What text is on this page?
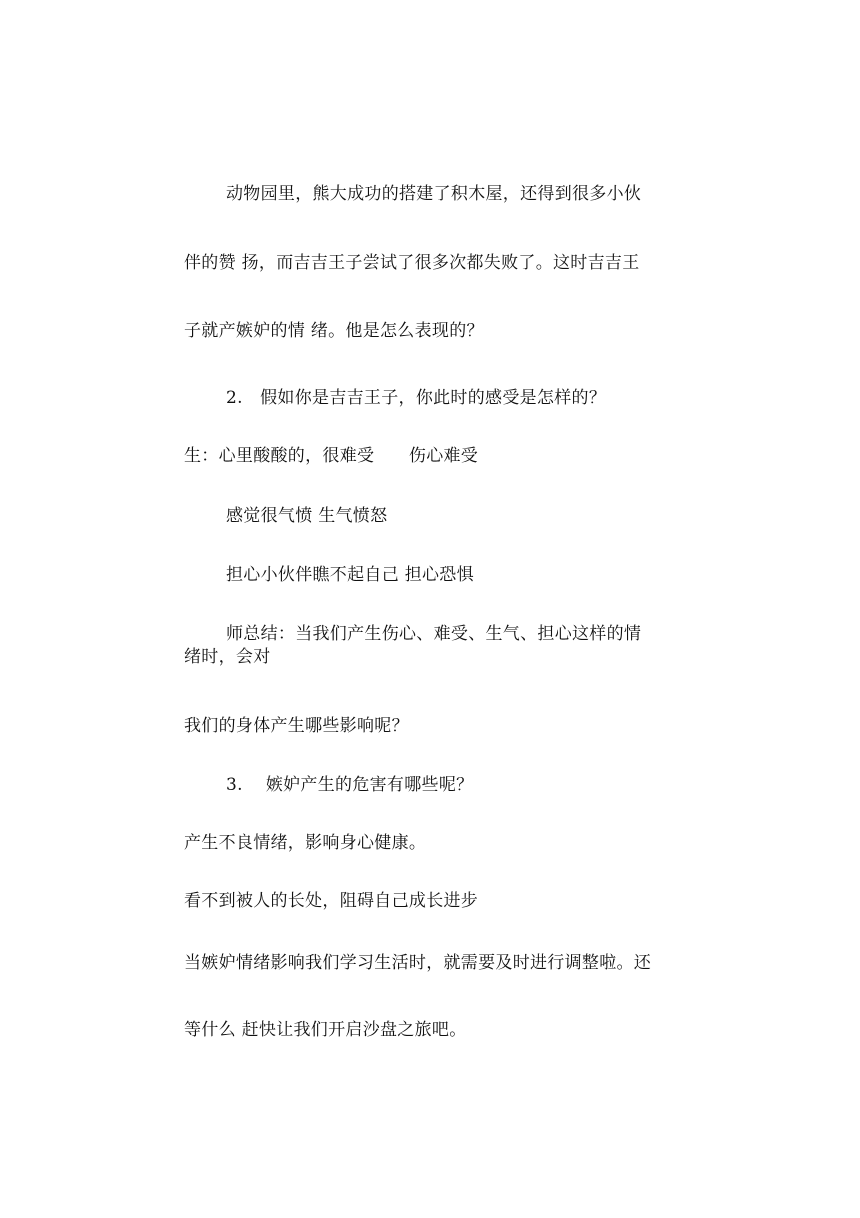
动物园里，熊大成功的搭建了积木屋，还得到很多小伙
伴的赞 扬，而吉吉王子尝试了很多次都失败了。这时吉吉王
子就产嫉妒的情 绪。他是怎么表现的？
2.　假如你是吉吉王子，你此时的感受是怎样的？
生：心里酸酸的，很难受　　伤心难受
感觉很气愤 生气愤怒
担心小伙伴瞧不起自己 担心恐惧
师总结：当我们产生伤心、难受、生气、担心这样的情
绪时，会对
我们的身体产生哪些影响呢？
3.　 嫉妒产生的危害有哪些呢？
产生不良情绪，影响身心健康。
看不到被人的长处，阻碍自己成长进步
当嫉妒情绪影响我们学习生活时，就需要及时进行调整啦。还
等什么 赶快让我们开启沙盘之旅吧。
